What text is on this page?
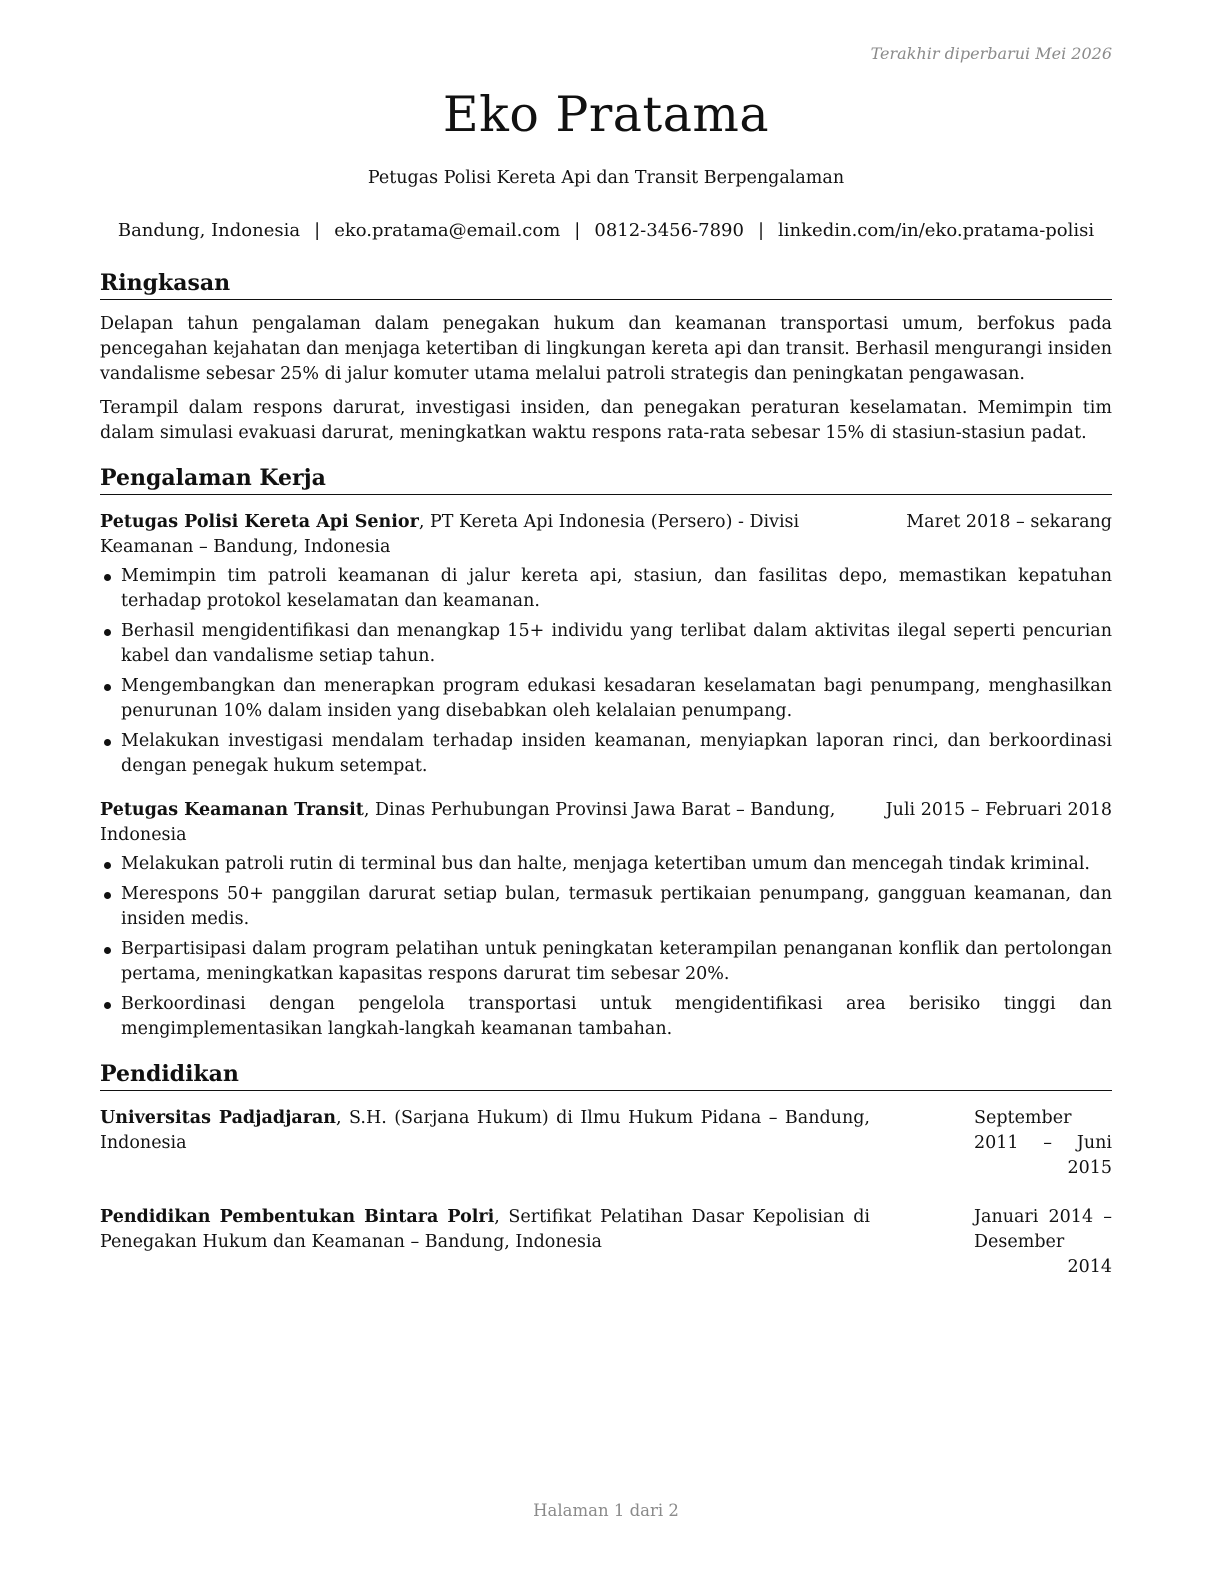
Terakhir diperbarui Mei 2026
Eko Pratama
Petugas Polisi Kereta Api dan Transit Berpengalaman
Bandung, Indonesia | eko.pratama@email.com | 0812-3456-7890 | linkedin.com/in/eko.pratama-polisi
Ringkasan

Delapan tahun pengalaman dalam penegakan hukum dan keamanan transportasi umum, berfokus pada pencegahan kejahatan dan menjaga ketertiban di lingkungan kereta api dan transit. Berhasil mengurangi insiden vandalisme sebesar 25% di jalur komuter utama melalui patroli strategis dan peningkatan pengawasan.

Terampil dalam respons darurat, investigasi insiden, dan penegakan peraturan keselamatan. Memimpin tim dalam simulasi evakuasi darurat, meningkatkan waktu respons rata-rata sebesar 15% di stasiun-stasiun padat.

Pengalaman Kerja
Petugas Polisi Kereta Api Senior, PT Kereta Api Indonesia (Persero) - Divisi Keamanan – Bandung, Indonesia
Maret 2018 – sekarang
Memimpin tim patroli keamanan di jalur kereta api, stasiun, dan fasilitas depo, memastikan kepatuhan terhadap protokol keselamatan dan keamanan.
Berhasil mengidentifikasi dan menangkap 15+ individu yang terlibat dalam aktivitas ilegal seperti pencurian kabel dan vandalisme setiap tahun.
Mengembangkan dan menerapkan program edukasi kesadaran keselamatan bagi penumpang, menghasilkan penurunan 10% dalam insiden yang disebabkan oleh kelalaian penumpang.
Melakukan investigasi mendalam terhadap insiden keamanan, menyiapkan laporan rinci, dan berkoordinasi dengan penegak hukum setempat.
Petugas Keamanan Transit, Dinas Perhubungan Provinsi Jawa Barat – Bandung, Indonesia
Juli 2015 – Februari 2018
Melakukan patroli rutin di terminal bus dan halte, menjaga ketertiban umum dan mencegah tindak kriminal.
Merespons 50+ panggilan darurat setiap bulan, termasuk pertikaian penumpang, gangguan keamanan, dan insiden medis.
Berpartisipasi dalam program pelatihan untuk peningkatan keterampilan penanganan konflik dan pertolongan pertama, meningkatkan kapasitas respons darurat tim sebesar 20%.
Berkoordinasi dengan pengelola transportasi untuk mengidentifikasi area berisiko tinggi dan mengimplementasikan langkah-langkah keamanan tambahan.
Pendidikan
Universitas Padjadjaran, S.H. (Sarjana Hukum) di Ilmu Hukum Pidana – Bandung, Indonesia
September 2011 – Juni 2015
Pendidikan Pembentukan Bintara Polri, Sertifikat Pelatihan Dasar Kepolisian di Penegakan Hukum dan Keamanan – Bandung, Indonesia
Januari 2014 – Desember 2014
Halaman 1 dari 2
